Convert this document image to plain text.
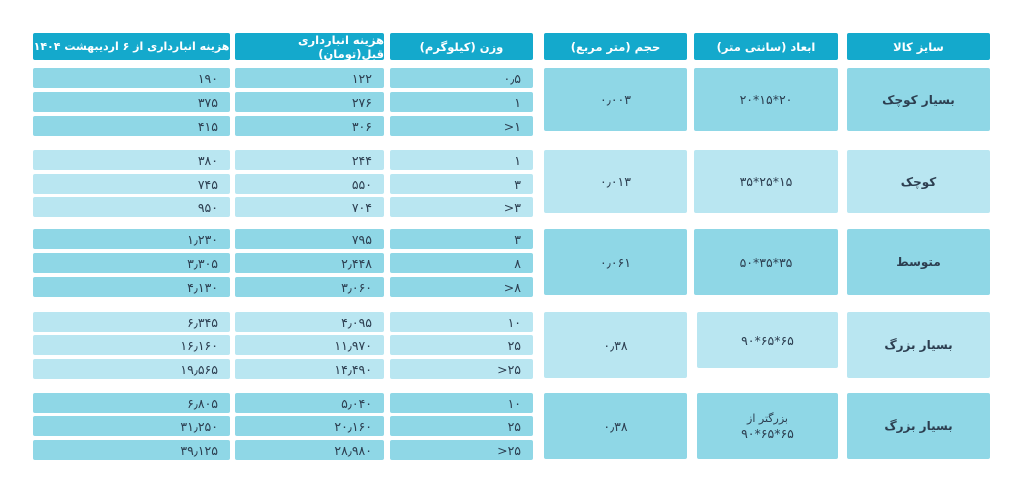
سایز کالا
ابعاد (سانتی متر)
حجم (متر مربع)
وزن (کیلوگرم)
هزینه انبارداری قبل(تومان)
هزینه انبارداری از ۶ اردیبهشت ۱۴۰۴
بسیار کوچک
۲۰*۱۵*۲۰
۰٫۰۰۳
۰٫۵
۱۲۲
۱۹۰
۱
۲۷۶
۳۷۵
۱<
۳۰۶
۴۱۵
کوچک
۱۵*۲۵*۳۵
۰٫۰۱۳
۱
۲۴۴
۳۸۰
۳
۵۵۰
۷۴۵
۳<
۷۰۴
۹۵۰
متوسط
۳۵*۳۵*۵۰
۰٫۰۶۱
۳
۷۹۵
۱٫۲۳۰
۸
۲٫۴۴۸
۳٫۳۰۵
۸<
۳٫۰۶۰
۴٫۱۳۰
بسیار بزرگ
۶۵*۶۵*۹۰
۰٫۳۸
۱۰
۴٫۰۹۵
۶٫۳۴۵
۲۵
۱۱٫۹۷۰
۱۶٫۱۶۰
۲۵<
۱۴٫۴۹۰
۱۹٫۵۶۵
بسیار بزرگ
بزرگتر از
۶۵*۶۵*۹۰
۰٫۳۸
۱۰
۵٫۰۴۰
۶٫۸۰۵
۲۵
۲۰٫۱۶۰
۳۱٫۲۵۰
۲۵<
۲۸٫۹۸۰
۳۹٫۱۲۵
